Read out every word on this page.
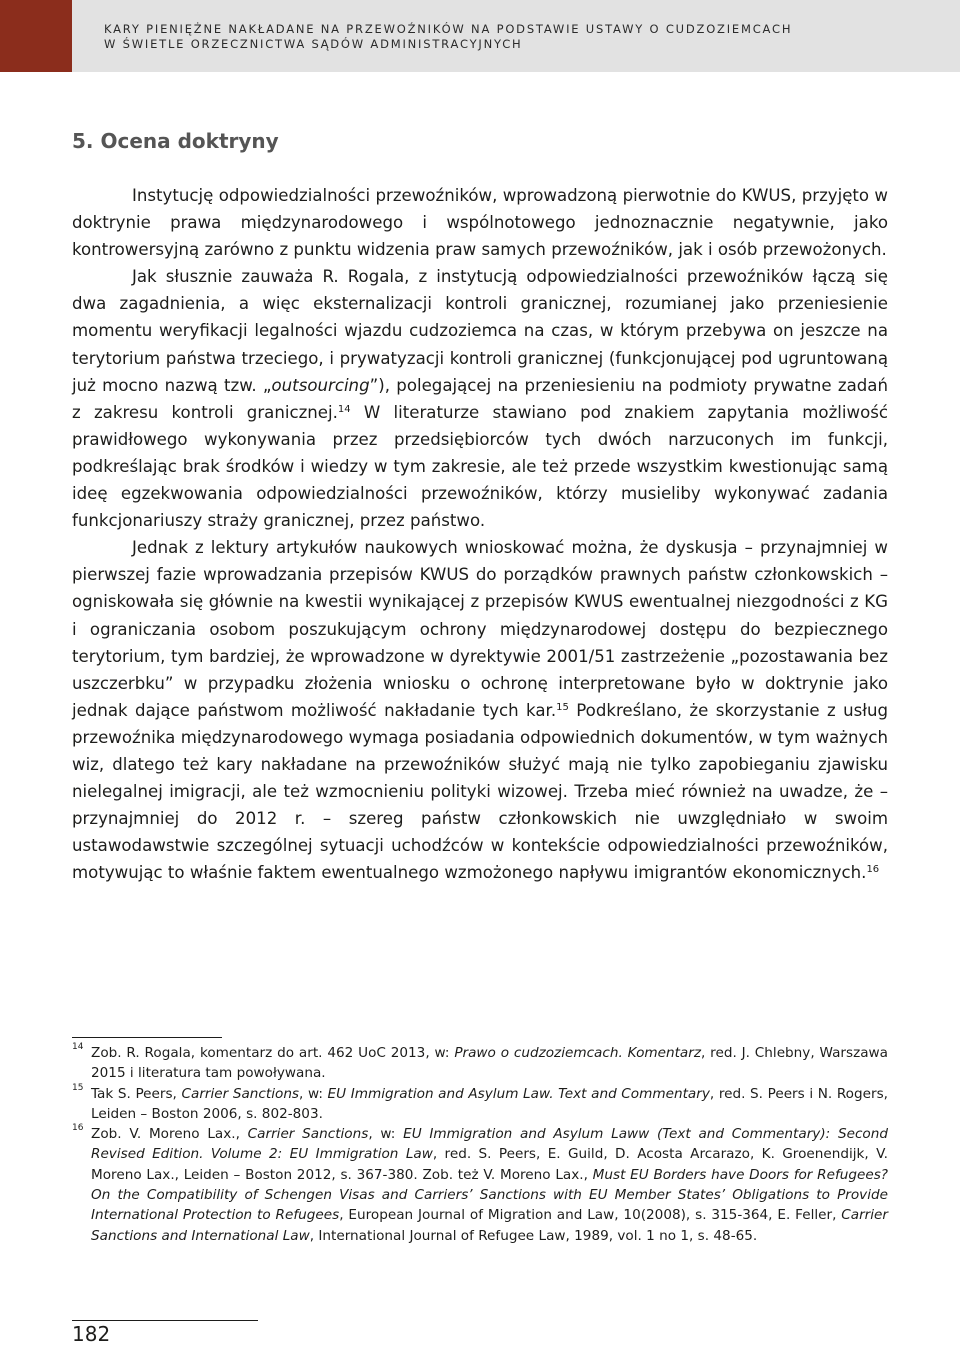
KARY PIENIĘŻNE NAKŁADANE NA PRZEWOŹNIKÓW NA PODSTAWIE USTAWY O CUDZOZIEMCACH
W ŚWIETLE ORZECZNICTWA SĄDÓW ADMINISTRACYJNYCH
5. Ocena doktryny

Instytucję odpowiedzialności przewoźników, wprowadzoną pierwotnie do KWUS, przyjęto w doktrynie prawa międzynarodowego i wspólnotowego jednoznacznie negatywnie, jako kontrowersyjną zarówno z punktu widzenia praw samych przewoźników, jak i osób przewożonych.

Jak słusznie zauważa R. Rogala, z instytucją odpowiedzialności przewoźników łączą się dwa zagadnienia, a więc eksternalizacji kontroli granicznej, rozumianej jako przeniesienie momentu weryfikacji legalności wjazdu cudzoziemca na czas, w którym przebywa on jeszcze na terytorium państwa trzeciego, i prywatyzacji kontroli granicznej (funkcjonującej pod ugruntowaną już mocno nazwą tzw. „outsourcing”), polegającej na przeniesieniu na podmioty prywatne zadań z zakresu kontroli granicznej.$^{14}$ W literaturze stawiano pod znakiem zapytania możliwość prawidłowego wykonywania przez przedsiębiorców tych dwóch narzuconych im funkcji, podkreślając brak środków i wiedzy w tym zakresie, ale też przede wszystkim kwestionując samą ideę egzekwowania odpowiedzialności przewoźników, którzy musieliby wykonywać zadania funkcjonariuszy straży granicznej, przez państwo.

Jednak z lektury artykułów naukowych wnioskować można, że dyskusja – przynajmniej w pierwszej fazie wprowadzania przepisów KWUS do porządków prawnych państw członkowskich – ogniskowała się głównie na kwestii wynikającej z przepisów KWUS ewentualnej niezgodności z KG i ograniczania osobom poszukującym ochrony międzynarodowej dostępu do bezpiecznego terytorium, tym bardziej, że wprowadzone w dyrektywie 2001/51 zastrzeżenie „pozostawania bez uszczerbku” w przypadku złożenia wniosku o ochronę interpretowane było w doktrynie jako jednak dające państwom możliwość nakładanie tych kar.$^{15}$ Podkreślano, że skorzystanie z usług przewoźnika międzynarodowego wymaga posiadania odpowiednich dokumentów, w tym ważnych wiz, dlatego też kary nakładane na przewoźników służyć mają nie tylko zapobieganiu zjawisku nielegalnej imigracji, ale też wzmocnieniu polityki wizowej. Trzeba mieć również na uwadze, że – przynajmniej do 2012 r. – szereg państw członkowskich nie uwzględniało w swoim ustawodawstwie szczególnej sytuacji uchodźców w kontekście odpowiedzialności przewoźników, motywując to właśnie faktem ewentualnego wzmożonego napływu imigrantów ekonomicznych.$^{16}$

14 Zob. R. Rogala, komentarz do art. 462 UoC 2013, w: Prawo o cudzoziemcach. Komentarz, red. J. Chlebny, Warszawa 2015 i literatura tam powoływana.
15 Tak S. Peers, Carrier Sanctions, w: EU Immigration and Asylum Law. Text and Commentary, red. S. Peers i N. Rogers, Leiden – Boston 2006, s. 802-803.
16 Zob. V. Moreno Lax., Carrier Sanctions, w: EU Immigration and Asylum Laww (Text and Commentary): Second Revised Edition. Volume 2: EU Immigration Law, red. S. Peers, E. Guild, D. Acosta Arcarazo, K. Groenendijk, V. Moreno Lax., Leiden – Boston 2012, s. 367-380. Zob. też V. Moreno Lax., Must EU Borders have Doors for Refugees? On the Compatibility of Schengen Visas and Carriers’ Sanctions with EU Member States’ Obligations to Provide International Protection to Refugees, European Journal of Migration and Law, 10(2008), s. 315-364, E. Feller, Carrier Sanctions and International Law, International Journal of Refugee Law, 1989, vol. 1 no 1, s. 48-65.
182
